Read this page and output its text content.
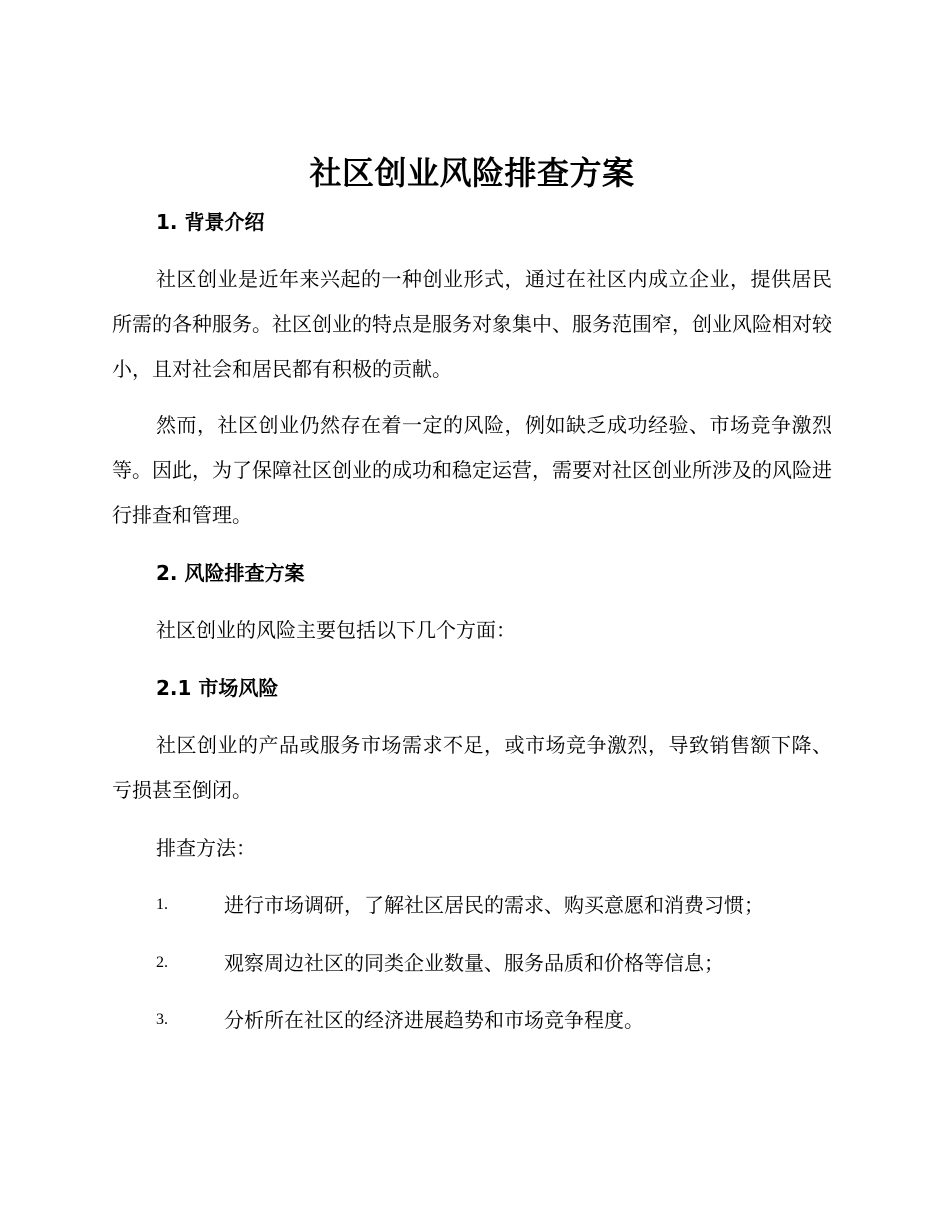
社区创业风险排查方案
1. 背景介绍

社区创业是近年来兴起的一种创业形式，通过在社区内成立企业，提供居民所需的各种服务。社区创业的特点是服务对象集中、服务范围窄，创业风险相对较小，且对社会和居民都有积极的贡献。

然而，社区创业仍然存在着一定的风险，例如缺乏成功经验、市场竞争激烈等。因此，为了保障社区创业的成功和稳定运营，需要对社区创业所涉及的风险进行排查和管理。

2. 风险排查方案

社区创业的风险主要包括以下几个方面：

2.1 市场风险

社区创业的产品或服务市场需求不足，或市场竞争激烈，导致销售额下降、亏损甚至倒闭。

排查方法：

1.	进行市场调研，了解社区居民的需求、购买意愿和消费习惯；
2.	观察周边社区的同类企业数量、服务品质和价格等信息；
3.	分析所在社区的经济进展趋势和市场竞争程度。
